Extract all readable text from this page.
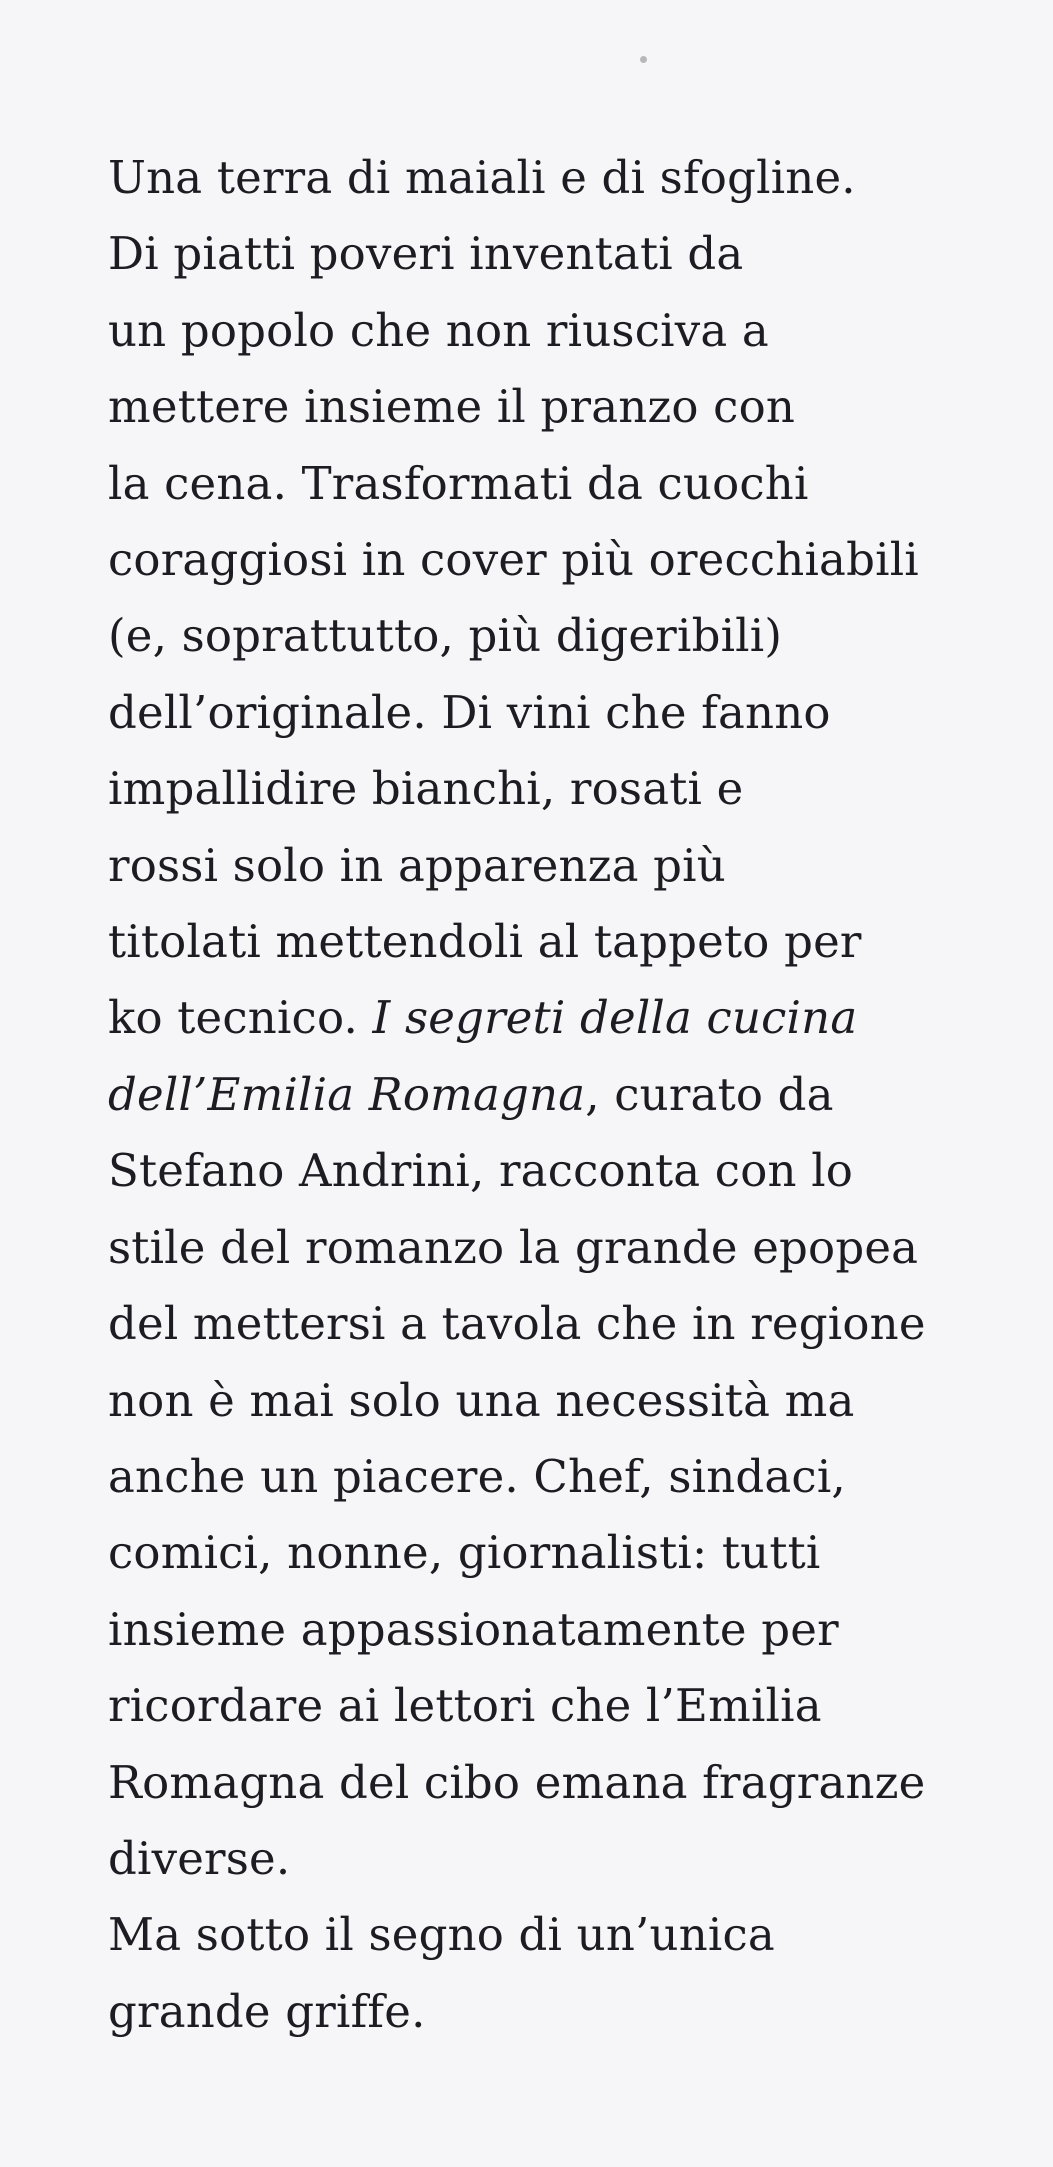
Una terra di maiali e di sfogline.
Di piatti poveri inventati da
un popolo che non riusciva a
mettere insieme il pranzo con
la cena. Trasformati da cuochi
coraggiosi in cover più orecchiabili
(e, soprattutto, più digeribili)
dell’originale. Di vini che fanno
impallidire bianchi, rosati e
rossi solo in apparenza più
titolati mettendoli al tappeto per
ko tecnico. I segreti della cucina
dell’Emilia Romagna, curato da
Stefano Andrini, racconta con lo
stile del romanzo la grande epopea
del mettersi a tavola che in regione
non è mai solo una necessità ma
anche un piacere. Chef, sindaci,
comici, nonne, giornalisti: tutti
insieme appassionatamente per
ricordare ai lettori che l’Emilia
Romagna del cibo emana fragranze
diverse.
Ma sotto il segno di un’unica
grande griffe.
